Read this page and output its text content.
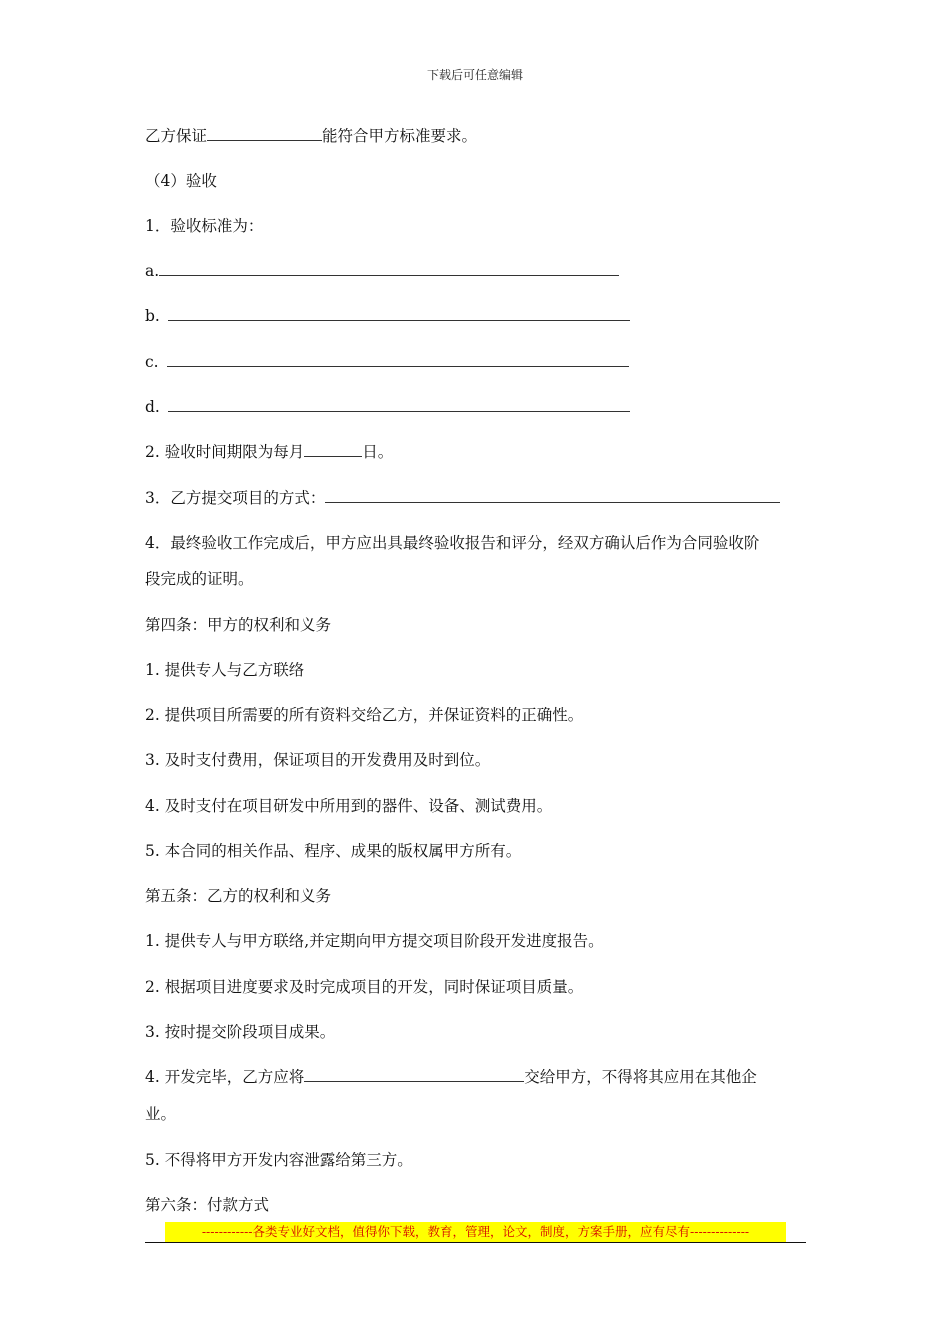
下载后可任意编辑
乙方保证	能符合甲方标准要求。
（4）验收
1．验收标准为：
a.
b.
c.
d.
2. 验收时间期限为每月	日。
3．乙方提交项目的方式：
4．最终验收工作完成后，甲方应出具最终验收报告和评分，经双方确认后作为合同验收阶
段完成的证明。
第四条：甲方的权利和义务
1. 提供专人与乙方联络
2. 提供项目所需要的所有资料交给乙方，并保证资料的正确性。
3. 及时支付费用，保证项目的开发费用及时到位。
4. 及时支付在项目研发中所用到的器件、设备、测试费用。
5. 本合同的相关作品、程序、成果的版权属甲方所有。
第五条：乙方的权利和义务
1. 提供专人与甲方联络,并定期向甲方提交项目阶段开发进度报告。
2. 根据项目进度要求及时完成项目的开发，同时保证项目质量。
3. 按时提交阶段项目成果。
4. 开发完毕，乙方应将	交给甲方，不得将其应用在其他企
业。
5. 不得将甲方开发内容泄露给第三方。
第六条：付款方式
------------各类专业好文档，值得你下载，教育，管理，论文，制度，方案手册，应有尽有--------------
